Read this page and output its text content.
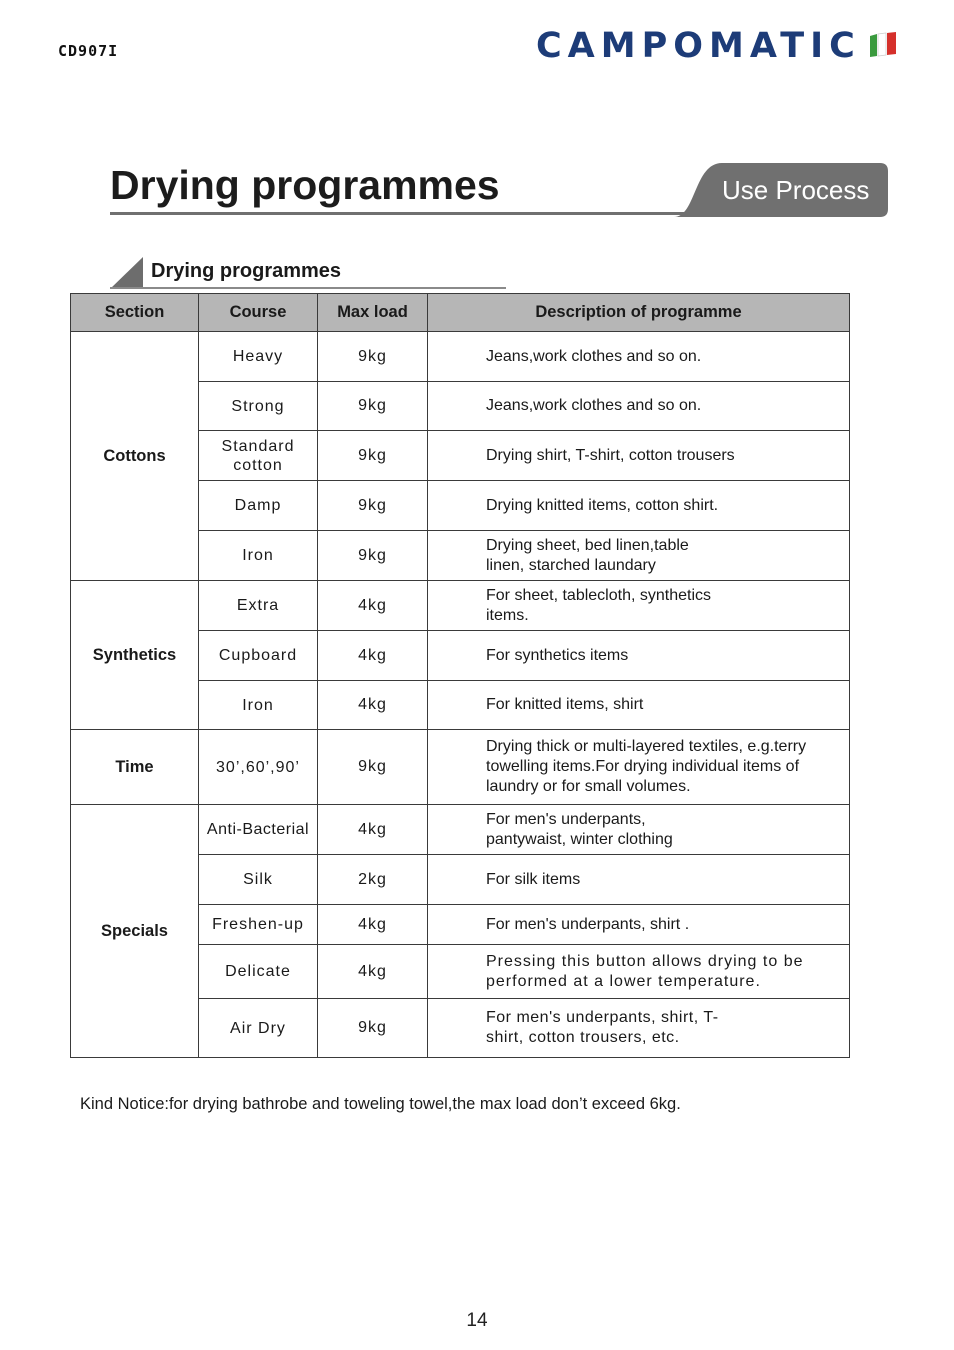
CD907I	CAMPOMATIC
Drying programmes	Use Process
Drying programmes
Section	Course	Max load	Description of programme
Cottons	Heavy	9kg	Jeans,work clothes and so on.
	Strong	9kg	Jeans,work clothes and so on.
	Standard cotton	9kg	Drying shirt, T-shirt, cotton trousers
	Damp	9kg	Drying knitted items, cotton shirt.
	Iron	9kg	Drying sheet, bed linen,table linen, starched laundary
Synthetics	Extra	4kg	For sheet, tablecloth, synthetics items.
	Cupboard	4kg	For synthetics items
	Iron	4kg	For knitted items, shirt
Time	30’,60’,90’	9kg	Drying thick or multi-layered textiles, e.g.terry towelling items.For drying individual items of laundry or for small volumes.
Specials	Anti-Bacterial	4kg	For men's underpants, pantywaist, winter clothing
	Silk	2kg	For silk items
	Freshen-up	4kg	For men's underpants, shirt .
	Delicate	4kg	Pressing this button allows drying to be performed at a lower temperature.
	Air Dry	9kg	For men's underpants, shirt, T-shirt, cotton trousers, etc.
Kind Notice:for drying bathrobe and toweling towel,the max load don’t exceed 6kg.
14
